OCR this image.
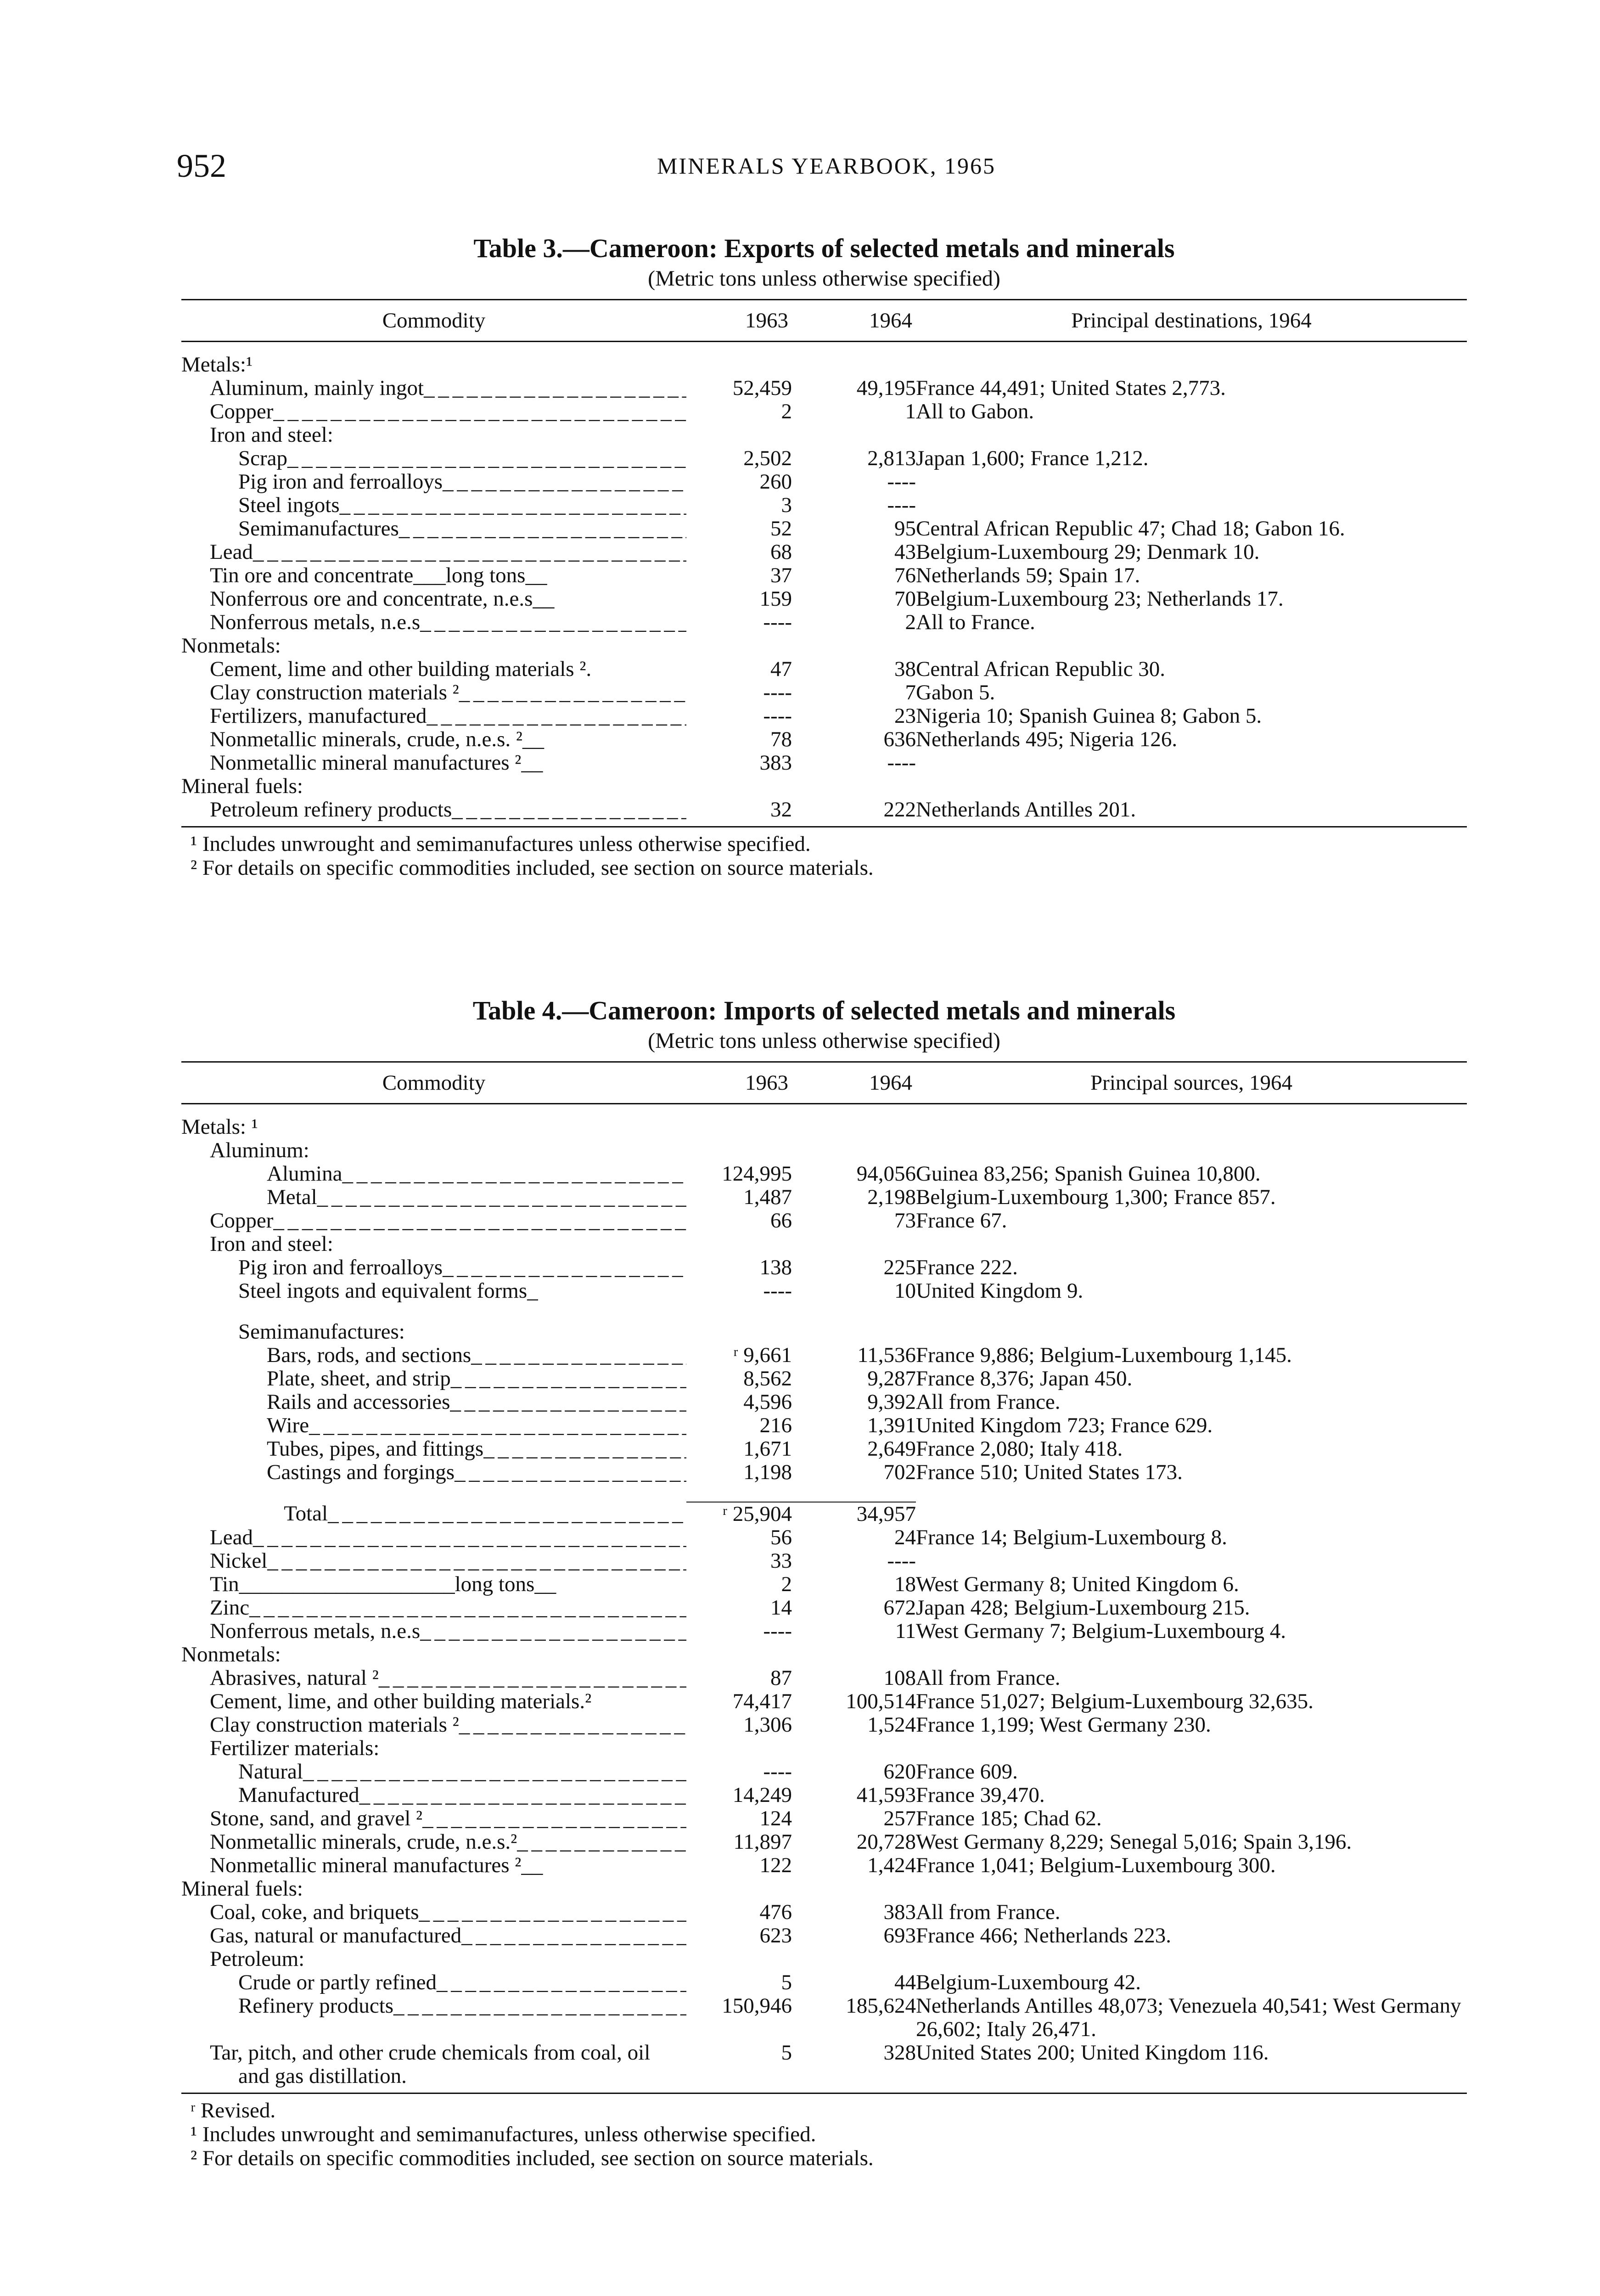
952	MINERALS YEARBOOK, 1965
Table 3.—Cameroon: Exports of selected metals and minerals
(Metric tons unless otherwise specified)
Commodity	1963	1964	Principal destinations, 1964
Metals:¹			
Aluminum, mainly ingot _ _ _	52,459	49,195	France 44,491; United States 2,773.
Copper _ _ _	2	1	All to Gabon.
Iron and steel:			
Scrap _ _ _	2,502	2,813	Japan 1,600; France 1,212.
Pig iron and ferroalloys _ _ _	260	----	
Steel ingots _ _ _	3	----	
Semimanufactures _ _ _	52	95	Central African Republic 47; Chad 18; Gabon 16.
Lead _ _ _	68	43	Belgium-Luxembourg 29; Denmark 10.
Tin ore and concentrate___long tons__	37	76	Netherlands 59; Spain 17.
Nonferrous ore and concentrate, n.e.s__	159	70	Belgium-Luxembourg 23; Netherlands 17.
Nonferrous metals, n.e.s _ _ _	----	2	All to France.
Nonmetals:			
Cement, lime and other building materials ².	47	38	Central African Republic 30.
Clay construction materials ² _ _ _	----	7	Gabon 5.
Fertilizers, manufactured _ _ _	----	23	Nigeria 10; Spanish Guinea 8; Gabon 5.
Nonmetallic minerals, crude, n.e.s. ²__	78	636	Netherlands 495; Nigeria 126.
Nonmetallic mineral manufactures ²__	383	----	
Mineral fuels:			
Petroleum refinery products _ _ _	32	222	Netherlands Antilles 201.
¹ Includes unwrought and semimanufactures unless otherwise specified.
² For details on specific commodities included, see section on source materials.
Table 4.—Cameroon: Imports of selected metals and minerals
(Metric tons unless otherwise specified)
Commodity	1963	1964	Principal sources, 1964
Metals: ¹			
Aluminum:			
Alumina _ _ _	124,995	94,056	Guinea 83,256; Spanish Guinea 10,800.
Metal _ _ _	1,487	2,198	Belgium-Luxembourg 1,300; France 857.
Copper _ _ _	66	73	France 67.
Iron and steel:			
Pig iron and ferroalloys _ _ _	138	225	France 222.
Steel ingots and equivalent forms_	----	10	United Kingdom 9.

Semimanufactures:			
Bars, rods, and sections _ _ _	ʳ 9,661	11,536	France 9,886; Belgium-Luxembourg 1,145.
Plate, sheet, and strip _ _ _	8,562	9,287	France 8,376; Japan 450.
Rails and accessories _ _ _	4,596	9,392	All from France.
Wire _ _ _	216	1,391	United Kingdom 723; France 629.
Tubes, pipes, and fittings _ _ _	1,671	2,649	France 2,080; Italy 418.
Castings and forgings _ _ _	1,198	702	France 510; United States 173.

Total _ _ _	ʳ 25,904	34,957	
Lead _ _ _	56	24	France 14; Belgium-Luxembourg 8.
Nickel _ _ _	33	----	
Tin____________________long tons__	2	18	West Germany 8; United Kingdom 6.
Zinc _ _ _	14	672	Japan 428; Belgium-Luxembourg 215.
Nonferrous metals, n.e.s _ _ _	----	11	West Germany 7; Belgium-Luxembourg 4.
Nonmetals:			
Abrasives, natural ² _ _ _	87	108	All from France.
Cement, lime, and other building materials.²	74,417	100,514	France 51,027; Belgium-Luxembourg 32,635.
Clay construction materials ² _ _ _	1,306	1,524	France 1,199; West Germany 230.
Fertilizer materials:			
Natural _ _ _	----	620	France 609.
Manufactured _ _ _	14,249	41,593	France 39,470.
Stone, sand, and gravel ² _ _ _	124	257	France 185; Chad 62.
Nonmetallic minerals, crude, n.e.s.² _ _ _	11,897	20,728	West Germany 8,229; Senegal 5,016; Spain 3,196.
Nonmetallic mineral manufactures ²__	122	1,424	France 1,041; Belgium-Luxembourg 300.
Mineral fuels:			
Coal, coke, and briquets _ _ _	476	383	All from France.
Gas, natural or manufactured _ _ _	623	693	France 466; Netherlands 223.
Petroleum:			
Crude or partly refined _ _ _	5	44	Belgium-Luxembourg 42.
Refinery products _ _ _	150,946	185,624	Netherlands Antilles 48,073; Venezuela 40,541; West Germany 26,602; Italy 26,471.
Tar, pitch, and other crude chemicals from coal, oil and gas distillation.	5	328	United States 200; United Kingdom 116.
ʳ Revised.
¹ Includes unwrought and semimanufactures, unless otherwise specified.
² For details on specific commodities included, see section on source materials.
